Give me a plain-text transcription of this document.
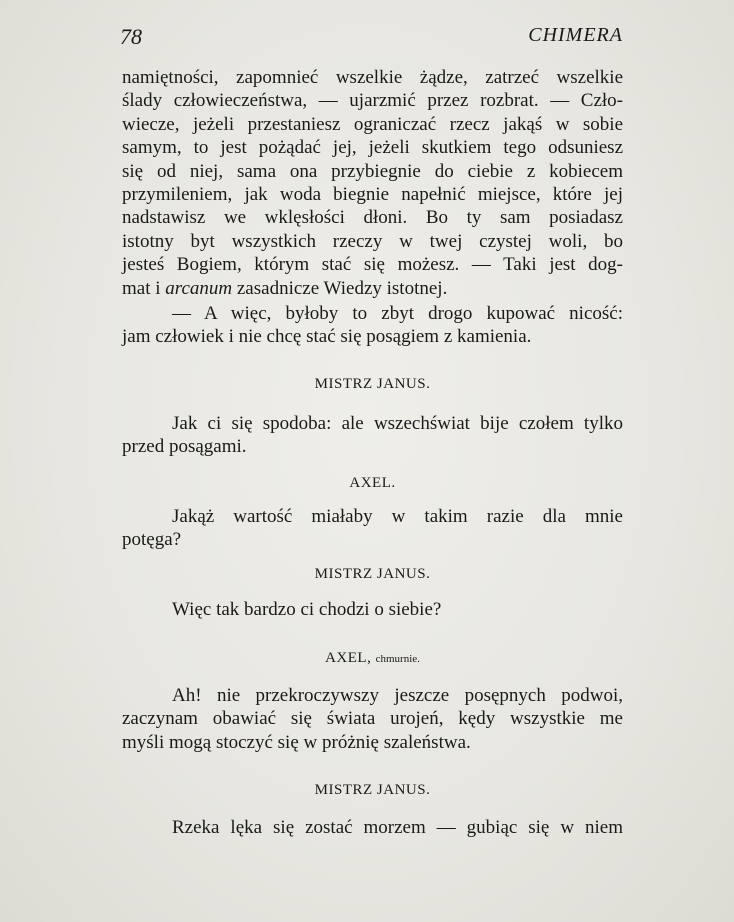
78	CHIMERA
namiętności, zapomnieć wszelkie żądze, zatrzeć wszelkie
ślady człowieczeństwa, — ujarzmić przez rozbrat. — Czło-
wiecze, jeżeli przestaniesz ograniczać rzecz jakąś w sobie
samym, to jest pożądać jej, jeżeli skutkiem tego odsuniesz
się od niej, sama ona przybiegnie do ciebie z kobiecem
przymileniem, jak woda biegnie napełnić miejsce, które jej
nadstawisz we wklęsłości dłoni. Bo ty sam posiadasz
istotny byt wszystkich rzeczy w twej czystej woli, bo
jesteś Bogiem, którym stać się możesz. — Taki jest dog-
mat i arcanum zasadnicze Wiedzy istotnej.
— A więc, byłoby to zbyt drogo kupować nicość:
jam człowiek i nie chcę stać się posągiem z kamienia.
MISTRZ JANUS.
Jak ci się spodoba: ale wszechświat bije czołem tylko
przed posągami.
AXEL.
Jakąż wartość miałaby w takim razie dla mnie
potęga?
MISTRZ JANUS.
Więc tak bardzo ci chodzi o siebie?
AXEL, chmurnie.
Ah! nie przekroczywszy jeszcze posępnych podwoi,
zaczynam obawiać się świata urojeń, kędy wszystkie me
myśli mogą stoczyć się w próżnię szaleństwa.
MISTRZ JANUS.
Rzeka lęka się zostać morzem — gubiąc się w niem
